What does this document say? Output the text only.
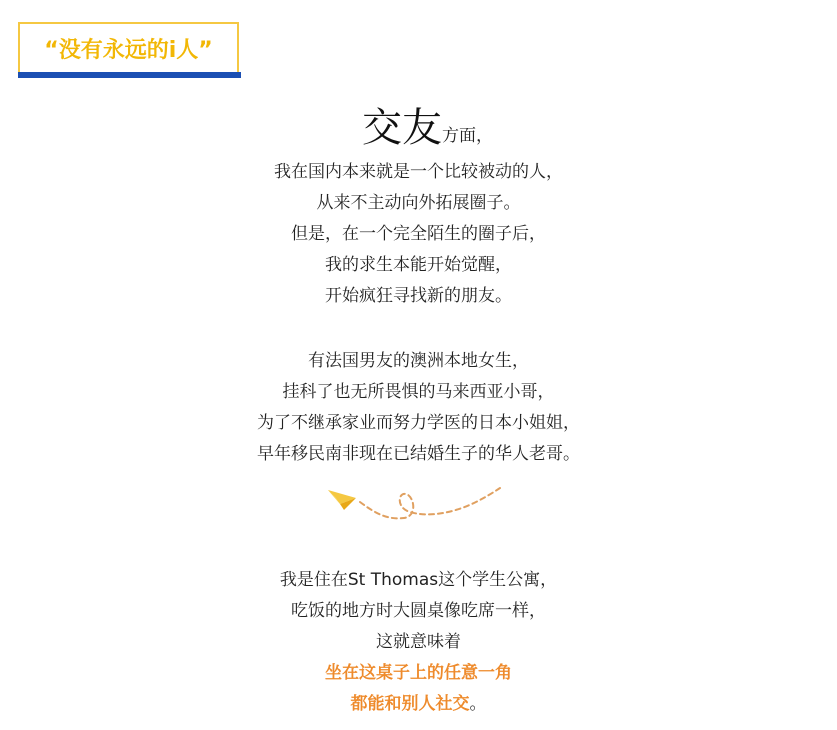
“没有永远的i人”
交友方面，
我在国内本来就是一个比较被动的人，
从来不主动向外拓展圈子。
但是，在一个完全陌生的圈子后，
我的求生本能开始觉醒，
开始疯狂寻找新的朋友。
有法国男友的澳洲本地女生，
挂科了也无所畏惧的马来西亚小哥，
为了不继承家业而努力学医的日本小姐姐，
早年移民南非现在已结婚生子的华人老哥。
我是住在St Thomas这个学生公寓，
吃饭的地方时大圆桌像吃席一样，
这就意味着
坐在这桌子上的任意一角
都能和别人社交。
